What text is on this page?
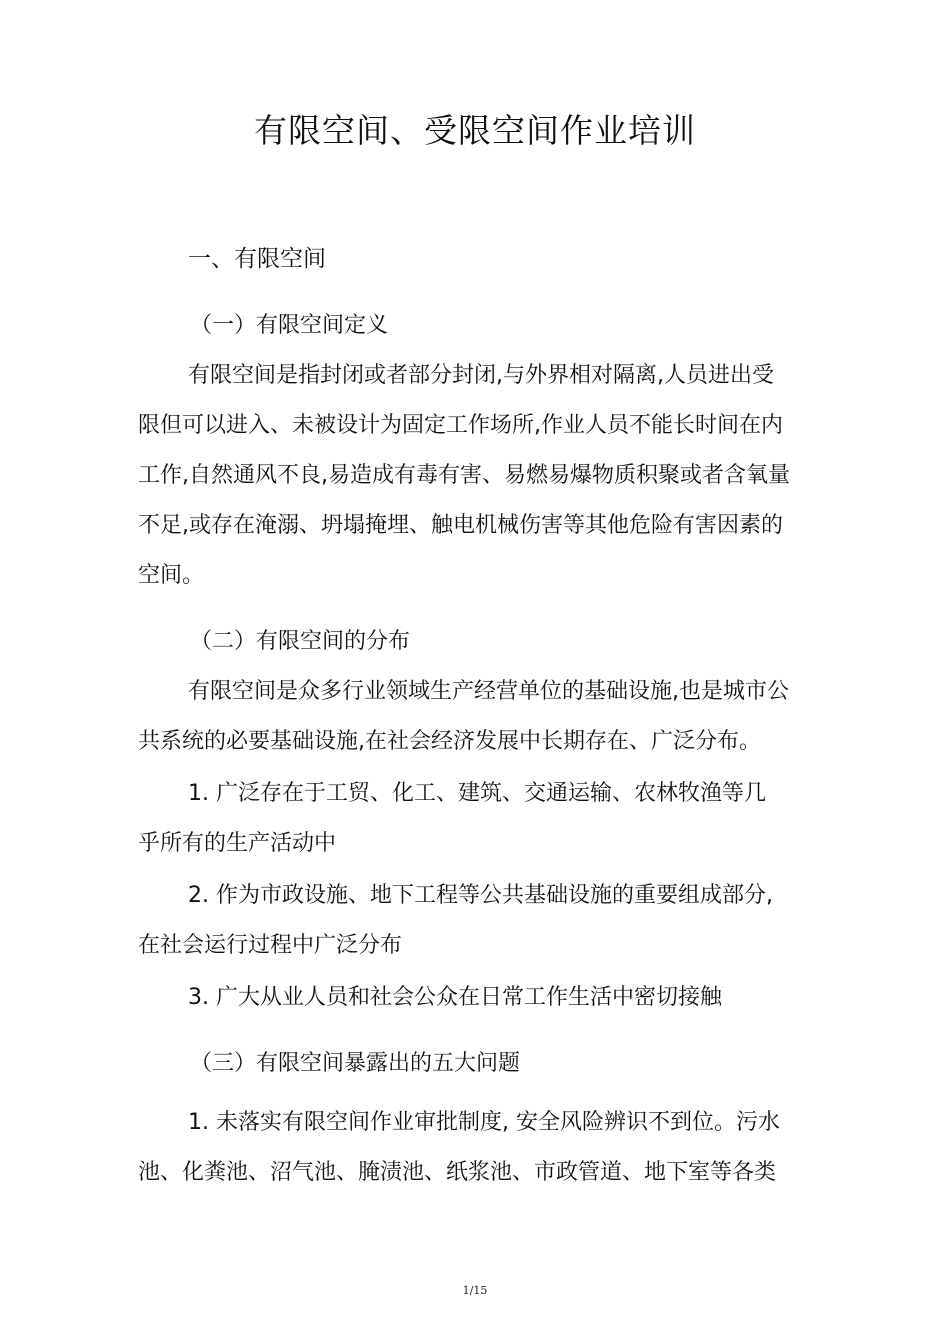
有限空间、受限空间作业培训
一、有限空间
（一）有限空间定义
有限空间是指封闭或者部分封闭,与外界相对隔离,人员进出受
限但可以进入、未被设计为固定工作场所,作业人员不能长时间在内
工作,自然通风不良,易造成有毒有害、易燃易爆物质积聚或者含氧量
不足,或存在淹溺、坍塌掩埋、触电机械伤害等其他危险有害因素的
空间。
（二）有限空间的分布
有限空间是众多行业领域生产经营单位的基础设施,也是城市公
共系统的必要基础设施,在社会经济发展中长期存在、广泛分布。
1. 广泛存在于工贸、化工、建筑、交通运输、农林牧渔等几
乎所有的生产活动中
2. 作为市政设施、地下工程等公共基础设施的重要组成部分,
在社会运行过程中广泛分布
3. 广大从业人员和社会公众在日常工作生活中密切接触
（三）有限空间暴露出的五大问题
1. 未落实有限空间作业审批制度, 安全风险辨识不到位。污水
池、化粪池、沼气池、腌渍池、纸浆池、市政管道、地下室等各类
1/15
